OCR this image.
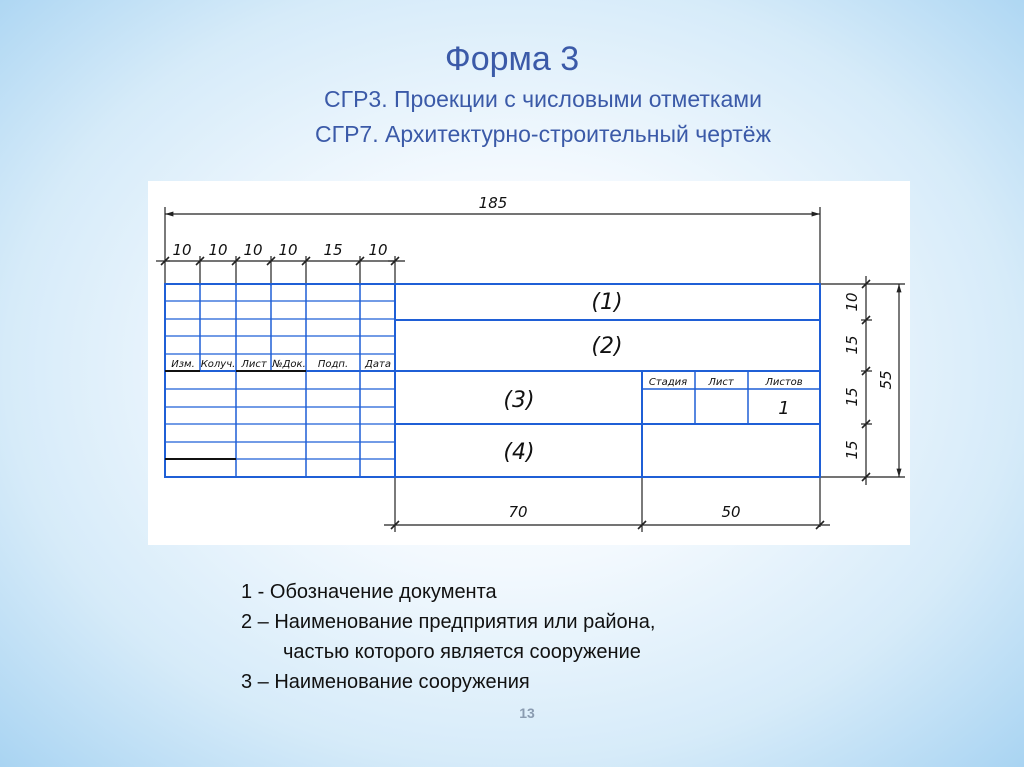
Форма 3
СГР3. Проекции с числовыми отметками
СГР7. Архитектурно-строительный чертёж
185
10 10 10 10 15 10
70	50
10
15
15
15
55
Изм. Колуч. Лист №Док. Подп. Дата
Стадия Лист	Листов
(1)
(2)
(3)
(4)
1
1 - Обозначение документа
2 – Наименование предприятия или района,
частью которого является сооружение
3 – Наименование сооружения
13
